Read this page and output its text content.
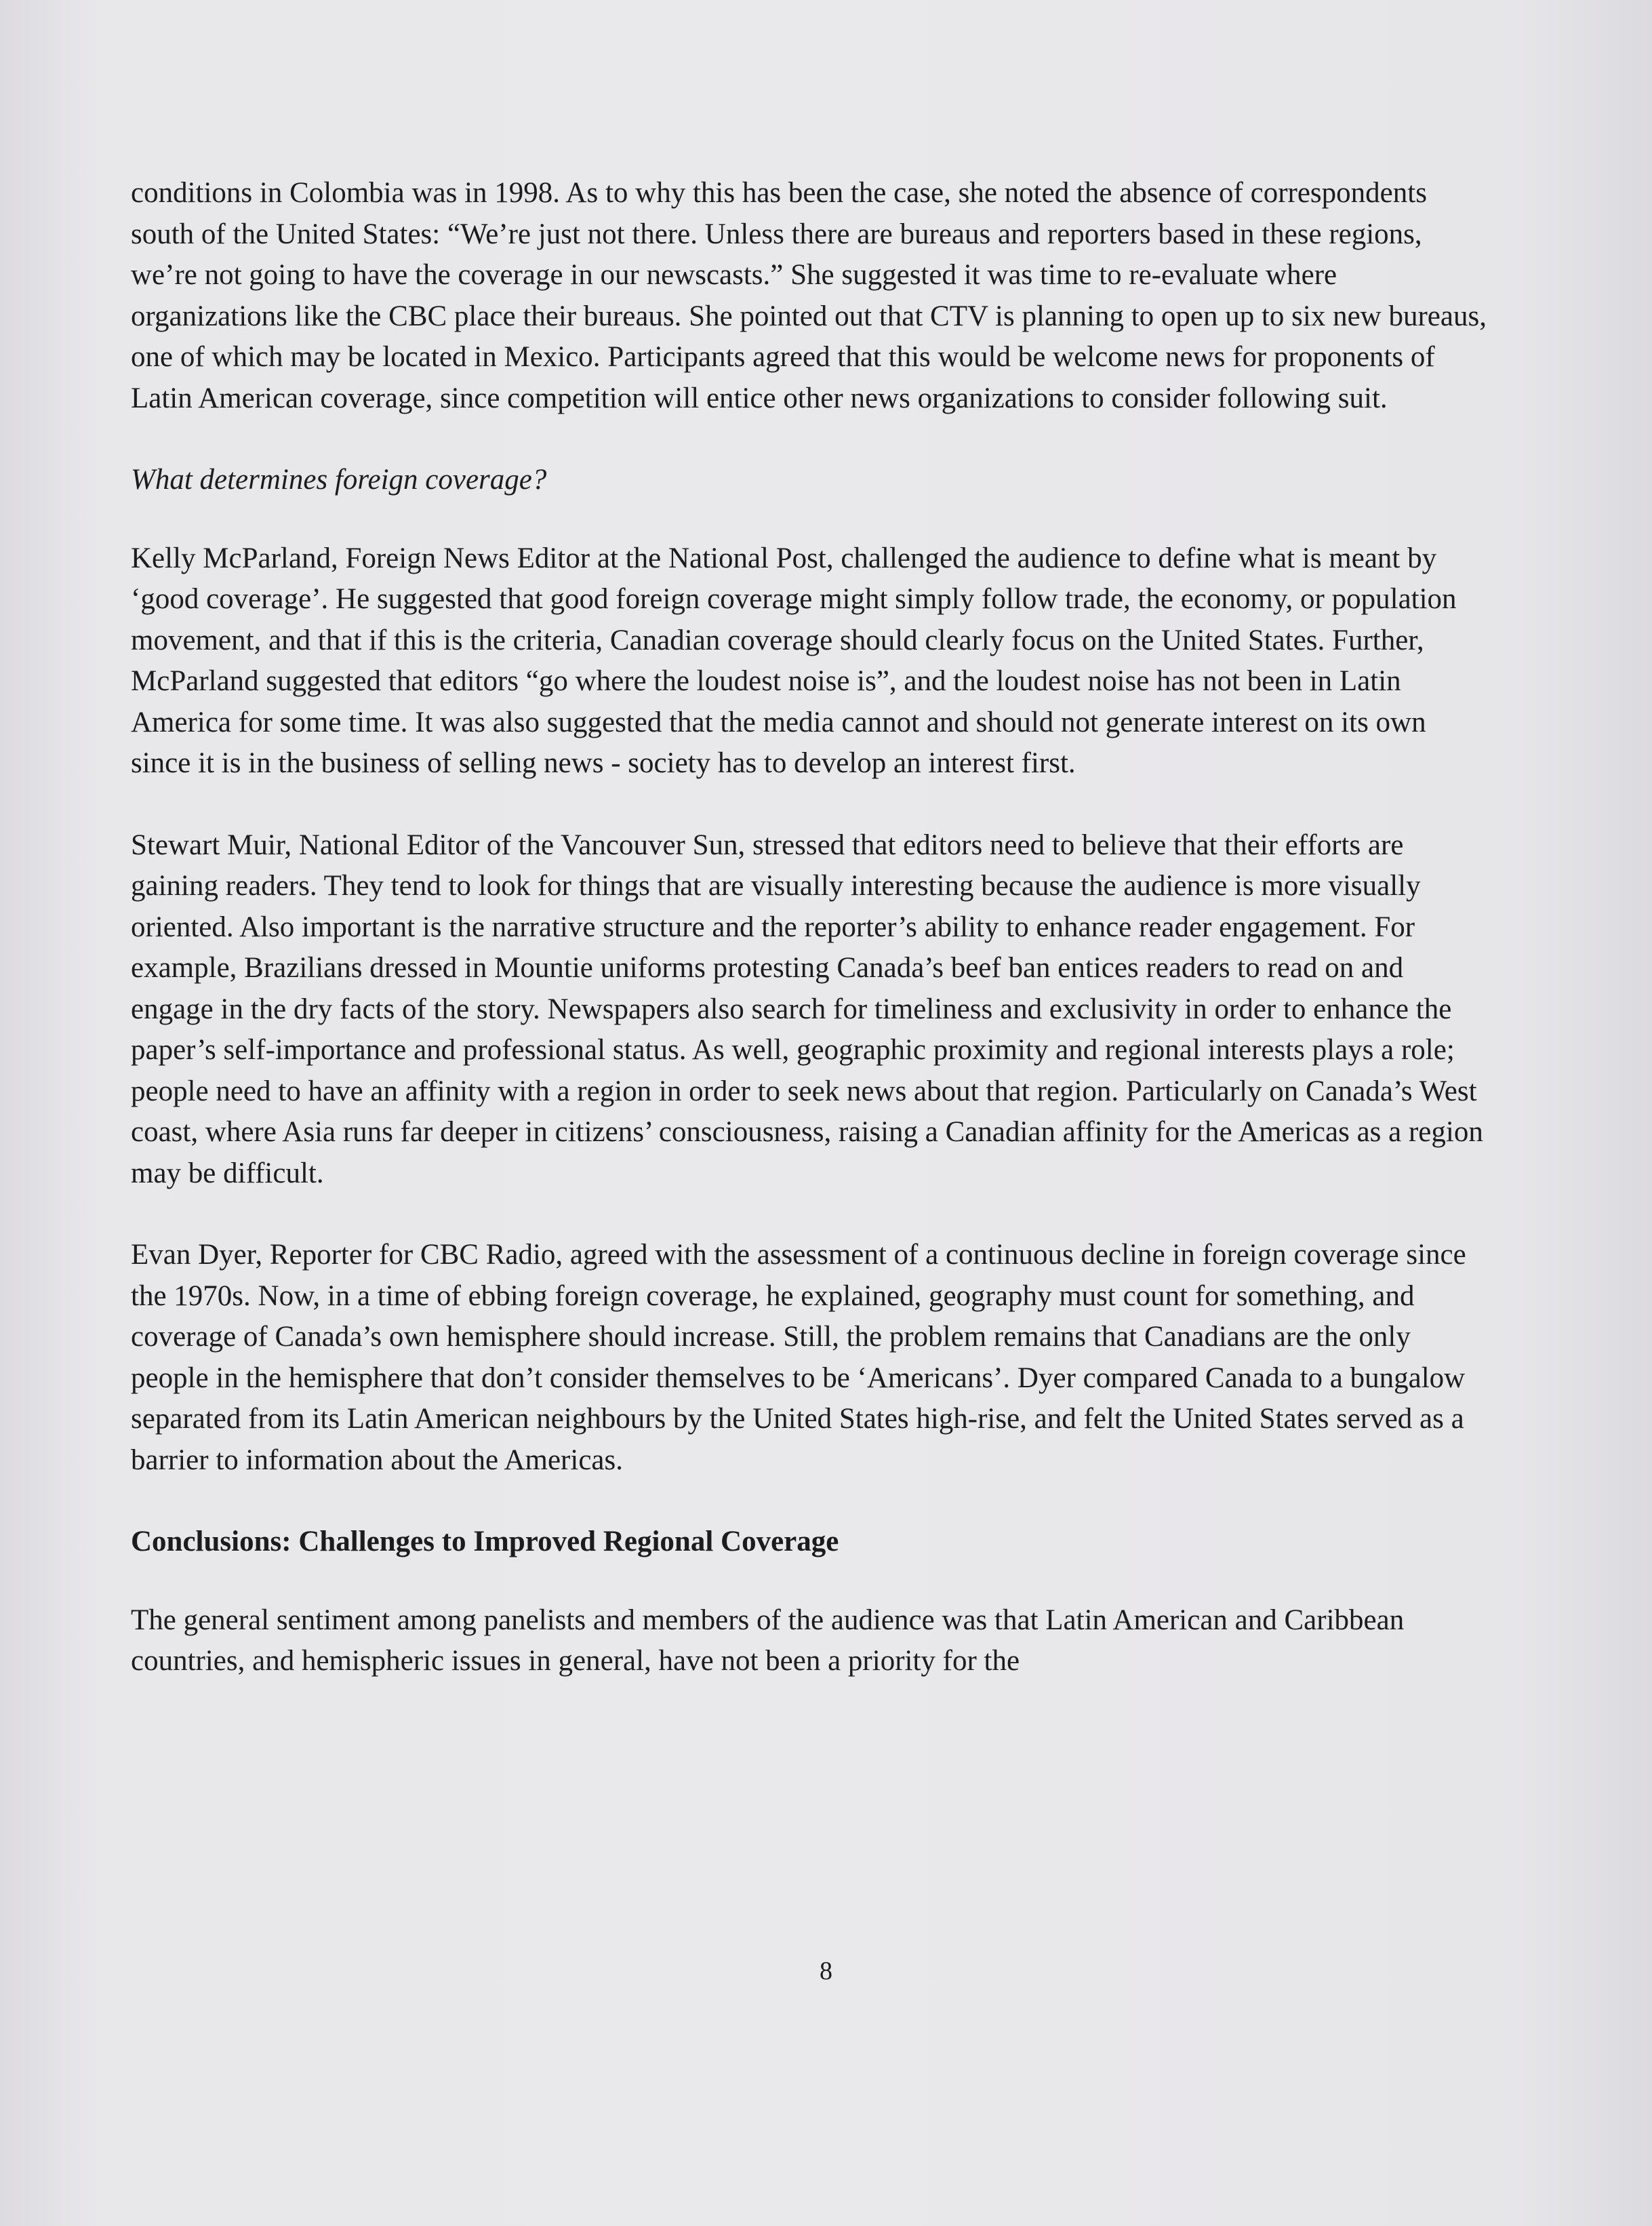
conditions in Colombia was in 1998. As to why this has been the case, she noted the absence of correspondents south of the United States: “We’re just not there. Unless there are bureaus and reporters based in these regions, we’re not going to have the coverage in our newscasts.” She suggested it was time to re-evaluate where organizations like the CBC place their bureaus. She pointed out that CTV is planning to open up to six new bureaus, one of which may be located in Mexico. Participants agreed that this would be welcome news for proponents of Latin American coverage, since competition will entice other news organizations to consider following suit.

What determines foreign coverage?

Kelly McParland, Foreign News Editor at the National Post, challenged the audience to define what is meant by ‘good coverage’. He suggested that good foreign coverage might simply follow trade, the economy, or population movement, and that if this is the criteria, Canadian coverage should clearly focus on the United States. Further, McParland suggested that editors “go where the loudest noise is”, and the loudest noise has not been in Latin America for some time. It was also suggested that the media cannot and should not generate interest on its own since it is in the business of selling news - society has to develop an interest first.

Stewart Muir, National Editor of the Vancouver Sun, stressed that editors need to believe that their efforts are gaining readers. They tend to look for things that are visually interesting because the audience is more visually oriented. Also important is the narrative structure and the reporter’s ability to enhance reader engagement. For example, Brazilians dressed in Mountie uniforms protesting Canada’s beef ban entices readers to read on and engage in the dry facts of the story. Newspapers also search for timeliness and exclusivity in order to enhance the paper’s self-importance and professional status. As well, geographic proximity and regional interests plays a role; people need to have an affinity with a region in order to seek news about that region. Particularly on Canada’s West coast, where Asia runs far deeper in citizens’ consciousness, raising a Canadian affinity for the Americas as a region may be difficult.

Evan Dyer, Reporter for CBC Radio, agreed with the assessment of a continuous decline in foreign coverage since the 1970s. Now, in a time of ebbing foreign coverage, he explained, geography must count for something, and coverage of Canada’s own hemisphere should increase. Still, the problem remains that Canadians are the only people in the hemisphere that don’t consider themselves to be ‘Americans’. Dyer compared Canada to a bungalow separated from its Latin American neighbours by the United States high-rise, and felt the United States served as a barrier to information about the Americas.

Conclusions: Challenges to Improved Regional Coverage

The general sentiment among panelists and members of the audience was that Latin American and Caribbean countries, and hemispheric issues in general, have not been a priority for the

8
